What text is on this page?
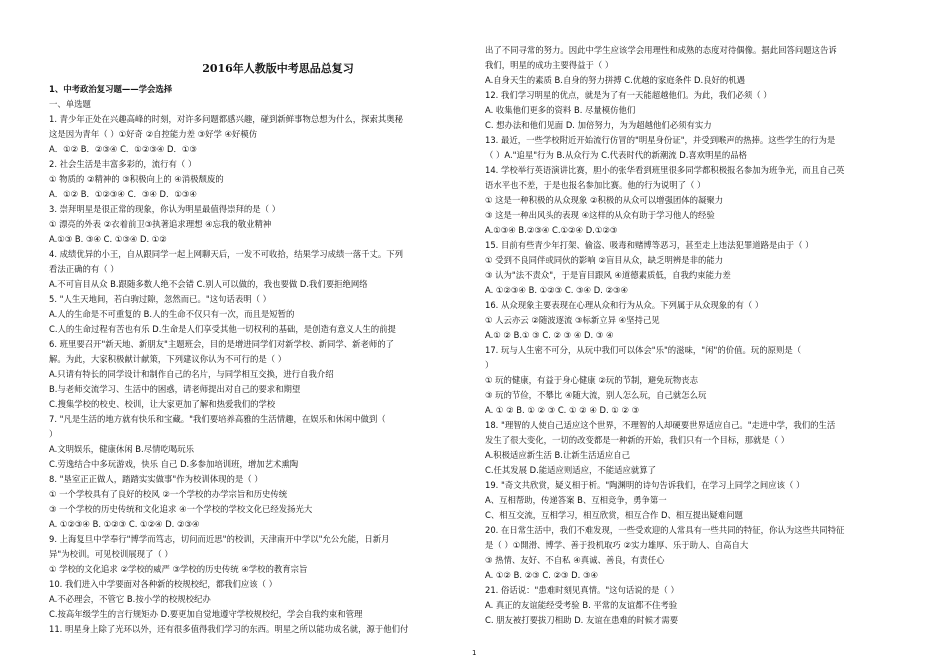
2016年人教版中考思品总复习
1、中考政治复习题——学会选择
一、单选题
1. 青少年正处在兴趣高峰的时刻，对许多问题都感兴趣，碰到新鲜事物总想为什么，探索其奥秘
这是因为青年（ ）①好奇 ②自控能力差 ③好学 ④好模仿
A．①② B．②③④ C．①②③④ D．①③
2. 社会生活是丰富多彩的，流行有（ ）
① 物质的 ②精神的 ③积极向上的 ④消极颓废的
A．①② B．①②③④ C．③④ D．①③④
3. 崇拜明星是很正常的现象，你认为明星最值得崇拜的是（ ）
① 漂亮的外表 ②衣着前卫③执著追求理想 ④忘我的敬业精神
A.①③ B. ③④ C. ①③④ D. ①②
4. 成绩优异的小王，自从跟同学一起上网聊天后，一发不可收拾，结果学习成绩一落千丈。下列
看法正确的有（ ）
A.不可盲目从众 B.跟随多数人绝不会错 C.别人可以做的，我也要做 D.我们要拒绝网络
5. "人生天地间，若白驹过隙，忽然而已。"这句话表明（ ）
A.人的生命是不可重复的 B.人的生命不仅只有一次，而且是短暂的
C.人的生命过程有苦也有乐 D.生命是人们享受其他一切权利的基础，是创造有意义人生的前提
6. 班里要召开"新天地、新朋友"主题班会，目的是增进同学们对新学校、新同学、新老师的了
解。为此，大家积极献计献策，下列建议你认为不可行的是（ ）
A.只请有特长的同学设计和制作自己的名片，与同学相互交换，进行自我介绍
B.与老师交流学习、生活中的困惑，请老师提出对自己的要求和期望
C.搜集学校的校史、校训，让大家更加了解和热爱我们的学校
7. "凡是生活的地方就有快乐和宝藏。"我们要培养高雅的生活情趣，在娱乐和休闲中做到（
）
A.文明娱乐，健康休闲 B.尽情吃喝玩乐
C.劳逸结合中多玩游戏，快乐 自己 D.多参加培训班，增加艺术熏陶
8. "垦室正正做人，踏踏实实做事"作为校训体现的是（ ）
① 一个学校具有了良好的校风 ②一个学校的办学宗旨和历史传统
③ 一个学校的历史传统和文化追求 ④一个学校的学校文化已经发扬光大
A. ①②③④ B. ①②③ C. ①②④ D. ②③④
9. 上海复旦中学奉行"博学而笃志，切问而近思"的校训，天津南开中学以"允公允能，日新月
异"为校训。可见校训展现了（ ）
① 学校的文化追求 ②学校的威严 ③学校的历史传统 ④学校的教育宗旨
10. 我们进入中学要面对各种新的校规校纪，都我们应该（ ）
A.不必理会，不管它 B.按小学的校规校纪办
C.按高年级学生的言行规矩办 D.要更加自觉地遵守学校规校纪，学会自我约束和管理
11. 明星身上除了光环以外，还有很多值得我们学习的东西。明星之所以能功成名就，源于他们付
出了不同寻常的努力。因此中学生应该学会用理性和成熟的态度对待偶像。据此回答问题这告诉
我们，明星的成功主要得益于（ ）
A.自身天生的素质 B.自身的努力拼搏 C.优越的家庭条件 D.良好的机遇
12. 我们学习明星的优点，就是为了有一天能超越他们。为此，我们必须（ ）
A. 收集他们更多的资料 B. 尽量模仿他们
C. 想办法和他们见面 D. 加倍努力，为为超越他们必须有实力
13. 最近，一些学校附近开始流行仿冒的"明星身份证"，并受到喉声的热捧。这些学生的行为是
（ ）A."追星"行为 B.从众行为 C.代表时代的新潮流 D.喜欢明星的品格
14. 学校举行英语演讲比赛，胆小的张华看到班里很多同学都积极报名参加为班争光，而且自己英
语水平也不差，于是也报名参加比赛。他的行为说明了（ ）
① 这是一种积极的从众现象 ②积极的从众可以增强团体的凝聚力
③ 这是一种出风头的表现 ④这样的从众有助于学习他人的经验
A.①③④ B.②③④ C.①②④ D.①②③
15. 目前有些青少年打架、偷盗、吸毒和赌博等恶习，甚至走上违法犯罪道路是由于（ ）
① 受到不良同伴或同伙的影响 ②盲目从众，缺乏明辨是非的能力
③ 认为"法不责众"，于是盲目跟风 ④道德素质低，自我约束能力差
A. ①②③④ B. ①②③ C. ③④ D. ②③④
16. 从众现象主要表现在心理从众和行为从众。下列属于从众现象的有（ ）
① 人云亦云 ②随波逐流 ③标新立异 ④坚持己见
A.① ② B.① ③ C. ② ③ ④ D. ③ ④
17. 玩与人生密不可分，从玩中我们可以体会"乐"的滋味，"闲"的价值。玩的原则是（
）
① 玩的健康，有益于身心健康 ②玩的节制，避免玩物丧志
③ 玩的节俭，不攀比 ④随大流，别人怎么玩，自己就怎么玩
A. ① ② B. ① ② ③ C. ① ② ④ D. ① ② ③
18. "理智的人使自己适应这个世界，不理智的人却硬要世界适应自己。"走进中学，我们的生活
发生了很大变化，一切的改变都是一种新的开始，我们只有一个目标，那就是（ ）
A.积极适应新生活 B.让新生活适应自己
C.任其发展 D.能适应则适应，不能适应就算了
19. "奇文共欣赏，疑义相于析。"陶渊明的诗句告诉我们，在学习上同学之间应该（ ）
A、互相帮助，传递答案 B、互相竞争，勇争第一
C、相互交流，互相学习，相互欣赏，相互合作 D、相互提出疑难问题
20. 在日常生活中，我们不难发现，一些受欢迎的人常具有一些共同的特征，你认为这些共同特征
是（ ）①開滑、博学、善于投机取巧 ②实力雄厚、乐于助人、自高自大
③ 热情、友好、不自私 ④真诚、善良，有责任心
A. ①② B. ②③ C. ②③ D. ③④
21. 俗话说："患难时刻见真情。"这句话说的是（ ）
A. 真正的友谊能经受考验 B. 平常的友谊都不住考验
C. 朋友被打要拔刀相助 D. 友谊在患难的时候才需要
1
